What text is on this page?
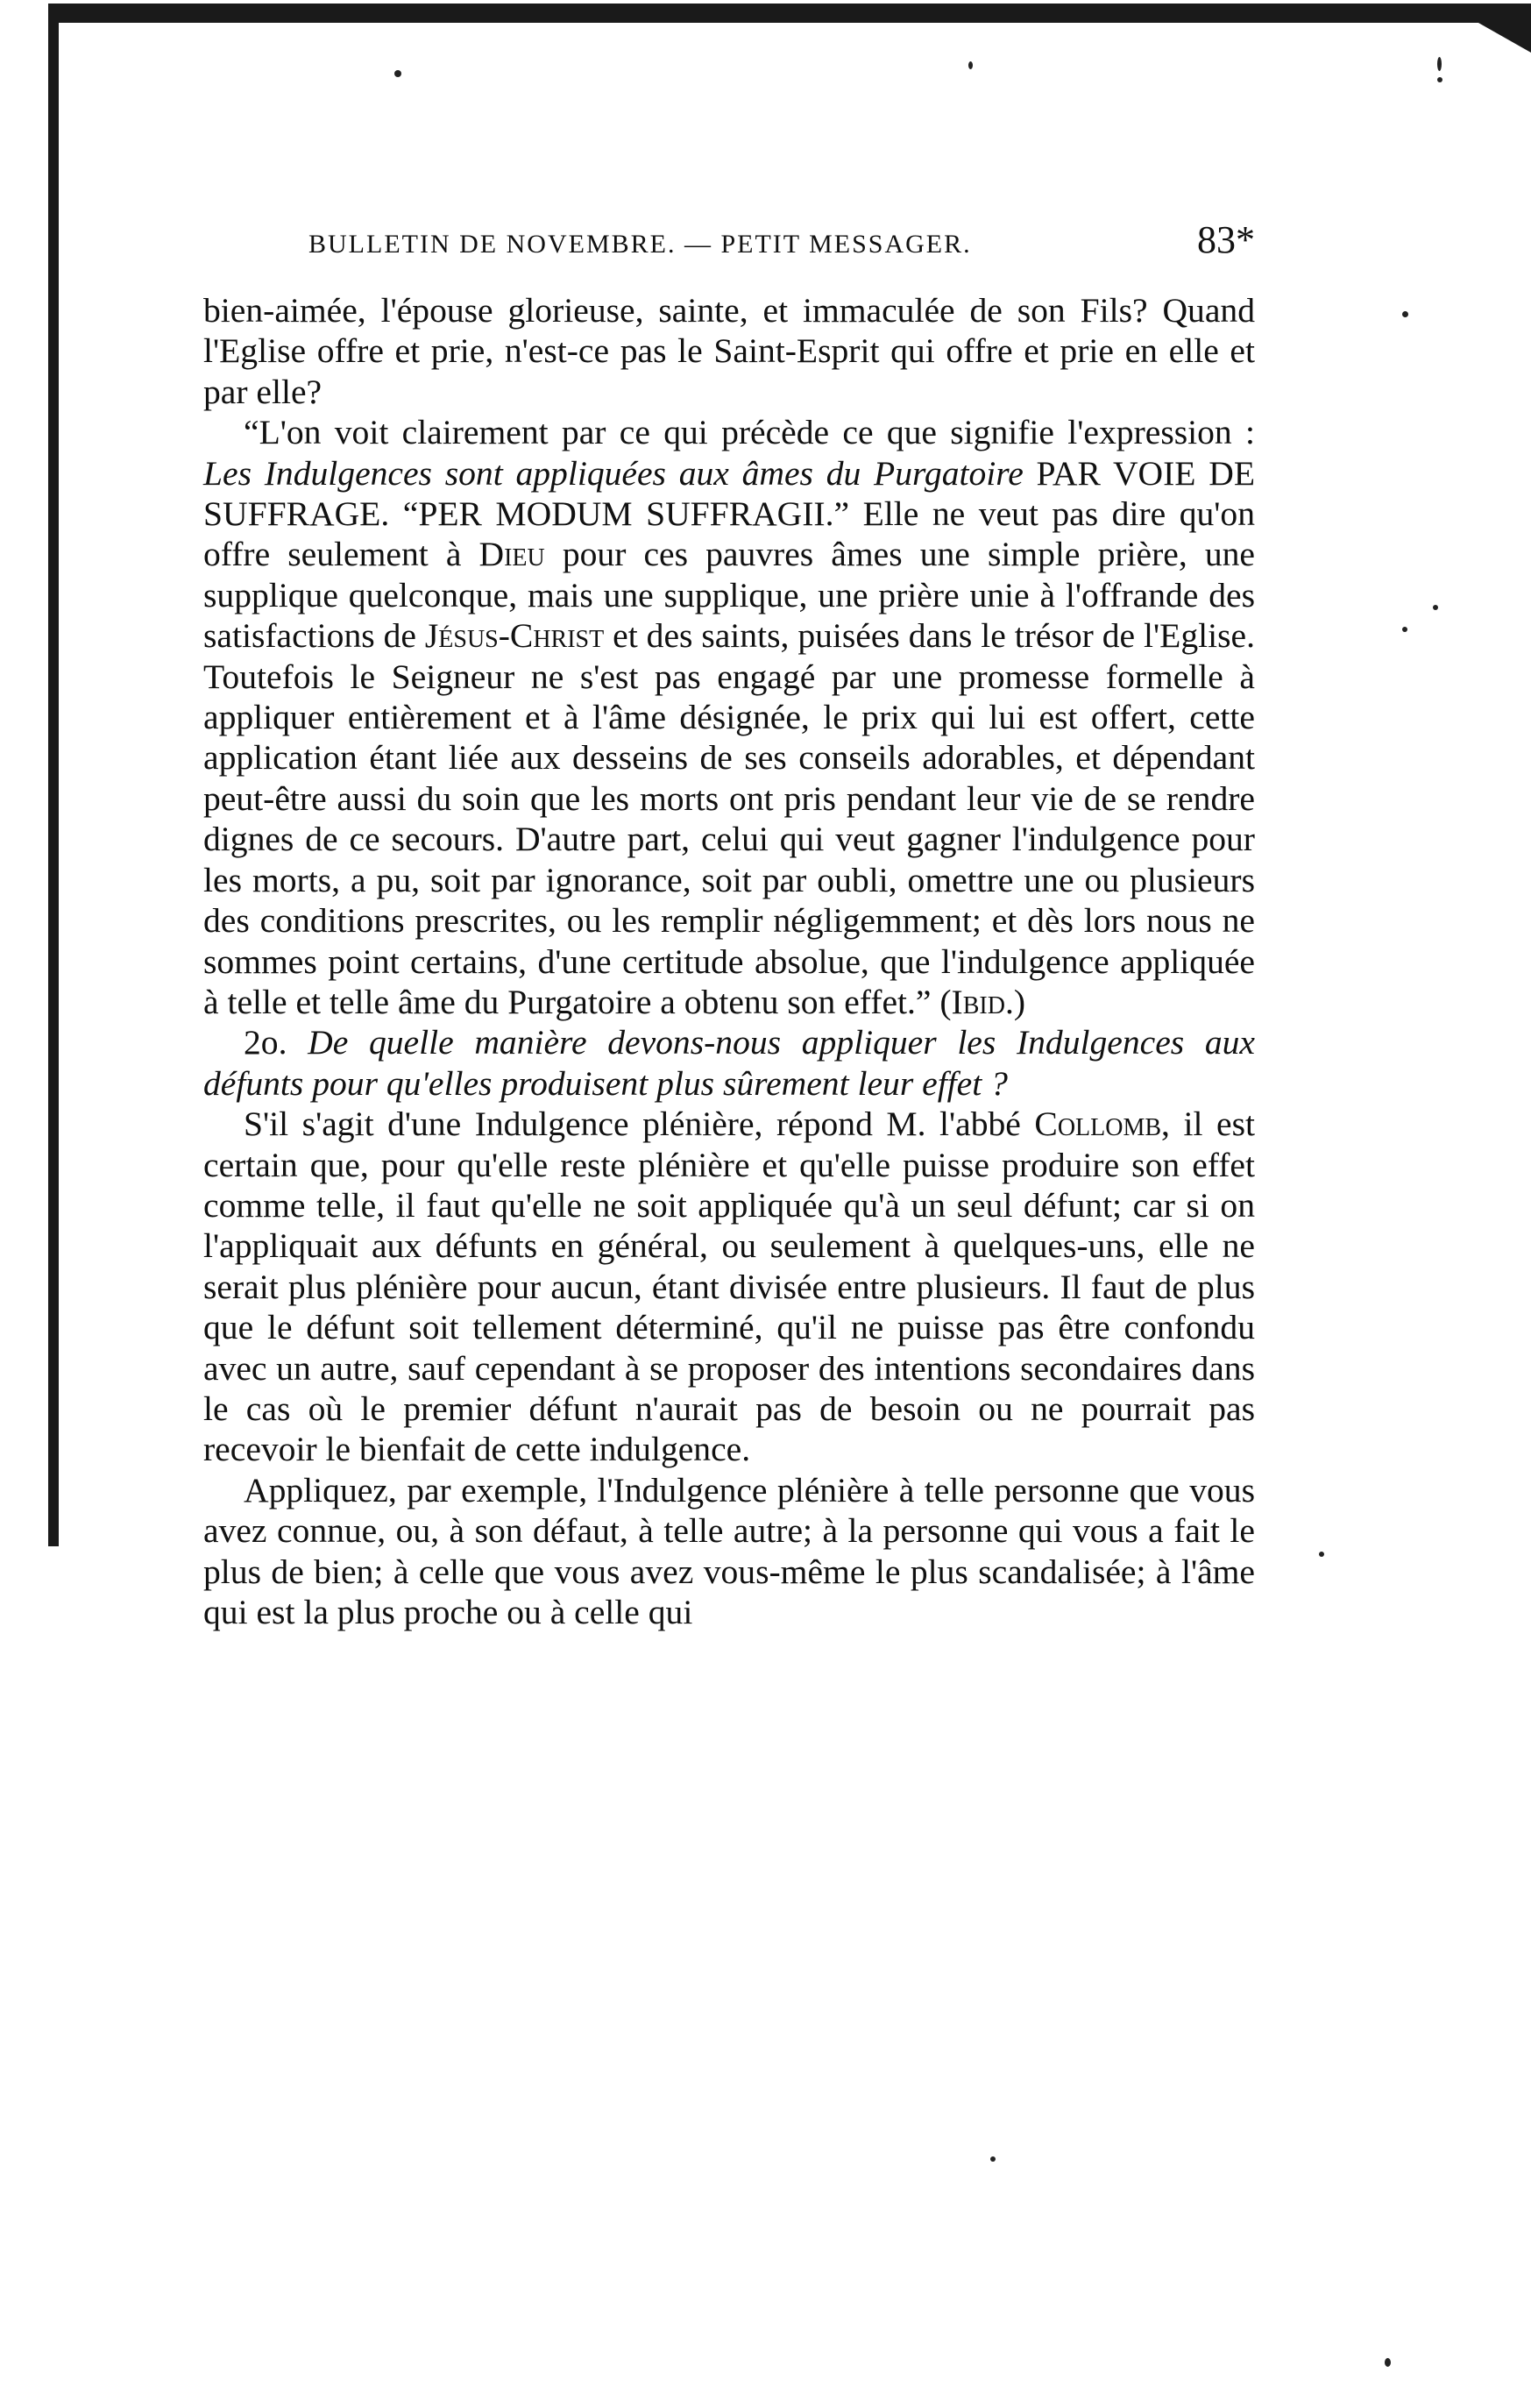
BULLETIN DE NOVEMBRE. — PETIT MESSAGER.	83*

bien-aimée, l'épouse glorieuse, sainte, et immaculée de son Fils? Quand l'Eglise offre et prie, n'est-ce pas le Saint-Esprit qui offre et prie en elle et par elle?

“L'on voit clairement par ce qui précède ce que signifie l'expression : Les Indulgences sont appliquées aux âmes du Purgatoire PAR VOIE DE SUFFRAGE. “PER MODUM SUFFRAGII.” Elle ne veut pas dire qu'on offre seulement à Dieu pour ces pauvres âmes une simple prière, une supplique quelconque, mais une supplique, une prière unie à l'offrande des satisfactions de Jésus-Christ et des saints, puisées dans le trésor de l'Eglise. Toutefois le Seigneur ne s'est pas engagé par une promesse formelle à appliquer entièrement et à l'âme désignée, le prix qui lui est offert, cette application étant liée aux desseins de ses conseils adorables, et dépendant peut-être aussi du soin que les morts ont pris pendant leur vie de se rendre dignes de ce secours. D'autre part, celui qui veut gagner l'indulgence pour les morts, a pu, soit par ignorance, soit par oubli, omettre une ou plusieurs des conditions prescrites, ou les remplir négligemment; et dès lors nous ne sommes point certains, d'une certitude absolue, que l'indulgence appliquée à telle et telle âme du Purgatoire a obtenu son effet.” (Ibid.)

2o. De quelle manière devons-nous appliquer les Indulgences aux défunts pour qu'elles produisent plus sûrement leur effet ?

S'il s'agit d'une Indulgence plénière, répond M. l'abbé Collomb, il est certain que, pour qu'elle reste plénière et qu'elle puisse produire son effet comme telle, il faut qu'elle ne soit appliquée qu'à un seul défunt; car si on l'appliquait aux défunts en général, ou seulement à quelques-uns, elle ne serait plus plénière pour aucun, étant divisée entre plusieurs. Il faut de plus que le défunt soit tellement déterminé, qu'il ne puisse pas être confondu avec un autre, sauf cependant à se proposer des intentions secondaires dans le cas où le premier défunt n'aurait pas de besoin ou ne pourrait pas recevoir le bienfait de cette indulgence.

Appliquez, par exemple, l'Indulgence plénière à telle personne que vous avez connue, ou, à son défaut, à telle autre; à la personne qui vous a fait le plus de bien; à celle que vous avez vous-même le plus scandalisée; à l'âme qui est la plus proche ou à celle qui
